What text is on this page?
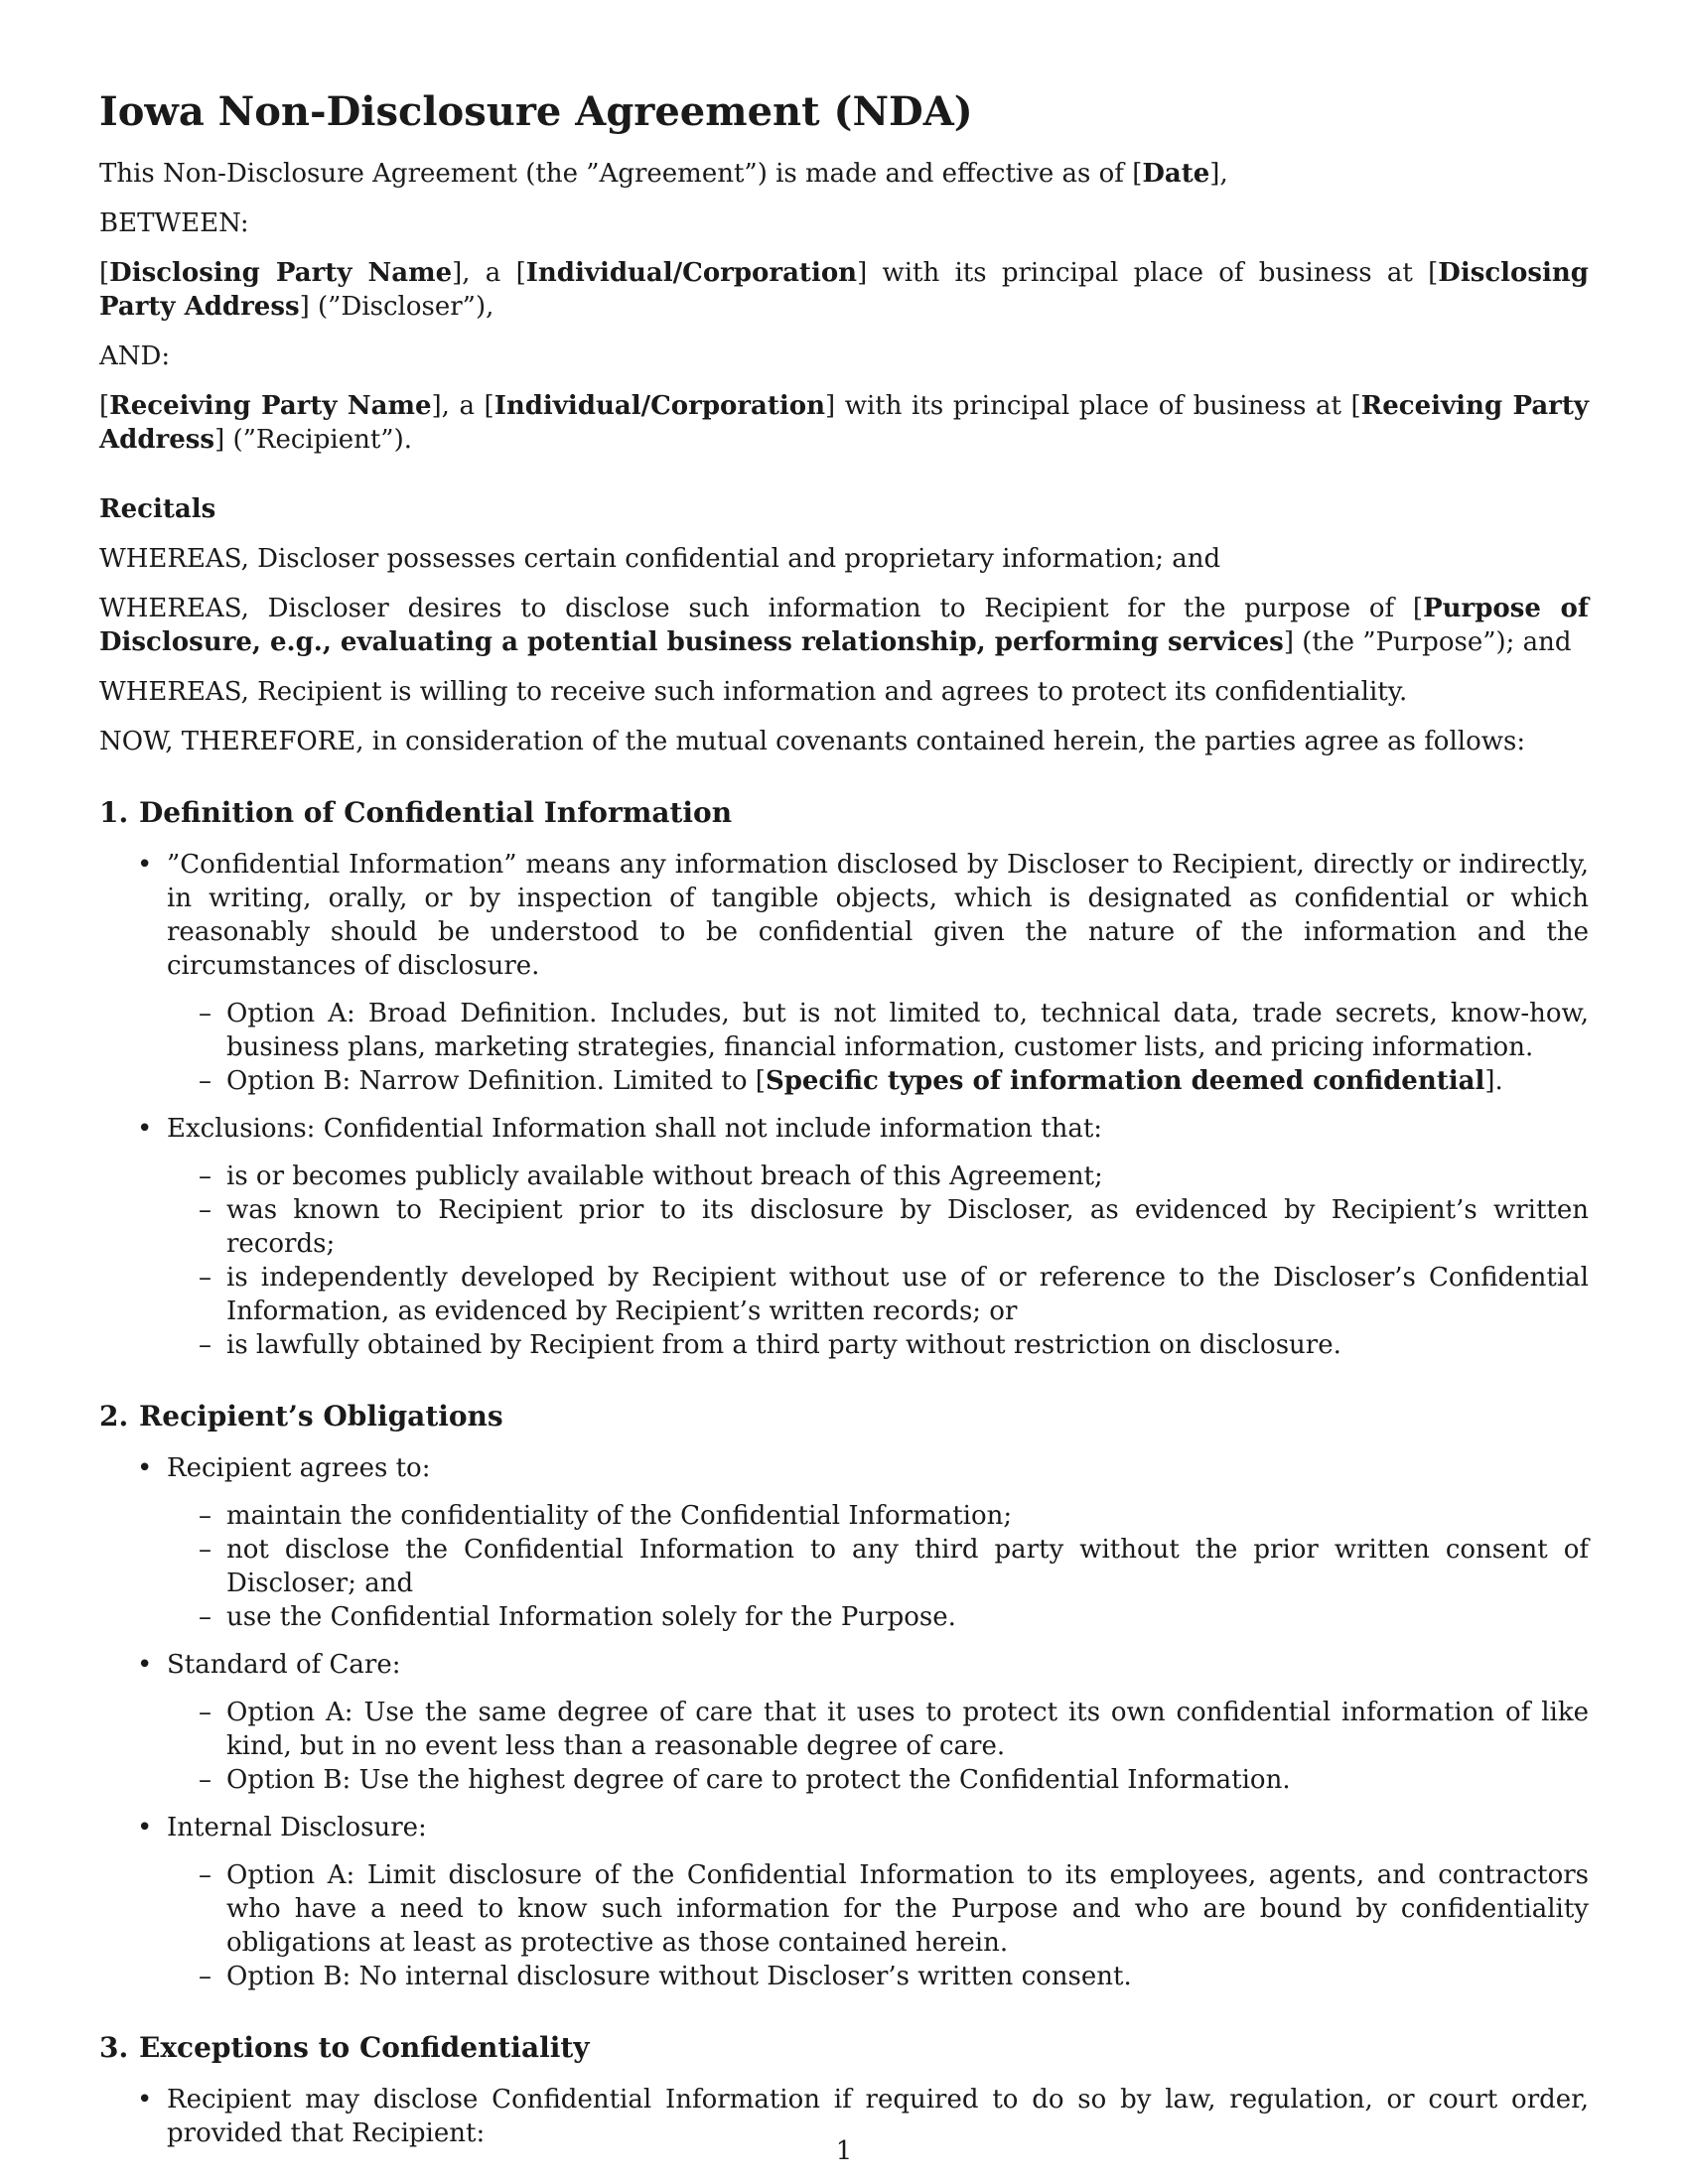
Iowa Non-Disclosure Agreement (NDA)

This Non-Disclosure Agreement (the ”Agreement”) is made and effective as of [Date],

BETWEEN:

[Disclosing Party Name], a [Individual/Corporation] with its principal place of business at [Disclosing Party Address] (”Discloser”),

AND:

[Receiving Party Name], a [Individual/Corporation] with its principal place of business at [Receiving Party Address] (”Recipient”).

Recitals

WHEREAS, Discloser possesses certain confidential and proprietary information; and

WHEREAS, Discloser desires to disclose such information to Recipient for the purpose of [Purpose of Disclosure, e.g., evaluating a potential business relationship, performing services] (the ”Purpose”); and

WHEREAS, Recipient is willing to receive such information and agrees to protect its confidentiality.

NOW, THEREFORE, in consideration of the mutual covenants contained herein, the parties agree as follows:

1. Definition of Confidential Information
• ”Confidential Information” means any information disclosed by Discloser to Recipient, directly or indirectly, in writing, orally, or by inspection of tangible objects, which is designated as confidential or which reasonably should be understood to be confidential given the nature of the information and the circumstances of disclosure.
– Option A: Broad Definition. Includes, but is not limited to, technical data, trade secrets, know-how, business plans, marketing strategies, financial information, customer lists, and pricing information.
– Option B: Narrow Definition. Limited to [Specific types of information deemed confidential].
• Exclusions: Confidential Information shall not include information that:
– is or becomes publicly available without breach of this Agreement;
– was known to Recipient prior to its disclosure by Discloser, as evidenced by Recipient’s written records;
– is independently developed by Recipient without use of or reference to the Discloser’s Confidential Information, as evidenced by Recipient’s written records; or
– is lawfully obtained by Recipient from a third party without restriction on disclosure.
2. Recipient’s Obligations
• Recipient agrees to:
– maintain the confidentiality of the Confidential Information;
– not disclose the Confidential Information to any third party without the prior written consent of Discloser; and
– use the Confidential Information solely for the Purpose.
• Standard of Care:
– Option A: Use the same degree of care that it uses to protect its own confidential information of like kind, but in no event less than a reasonable degree of care.
– Option B: Use the highest degree of care to protect the Confidential Information.
• Internal Disclosure:
– Option A: Limit disclosure of the Confidential Information to its employees, agents, and contractors who have a need to know such information for the Purpose and who are bound by confidentiality obligations at least as protective as those contained herein.
– Option B: No internal disclosure without Discloser’s written consent.
3. Exceptions to Confidentiality
• Recipient may disclose Confidential Information if required to do so by law, regulation, or court order, provided that Recipient:
1
